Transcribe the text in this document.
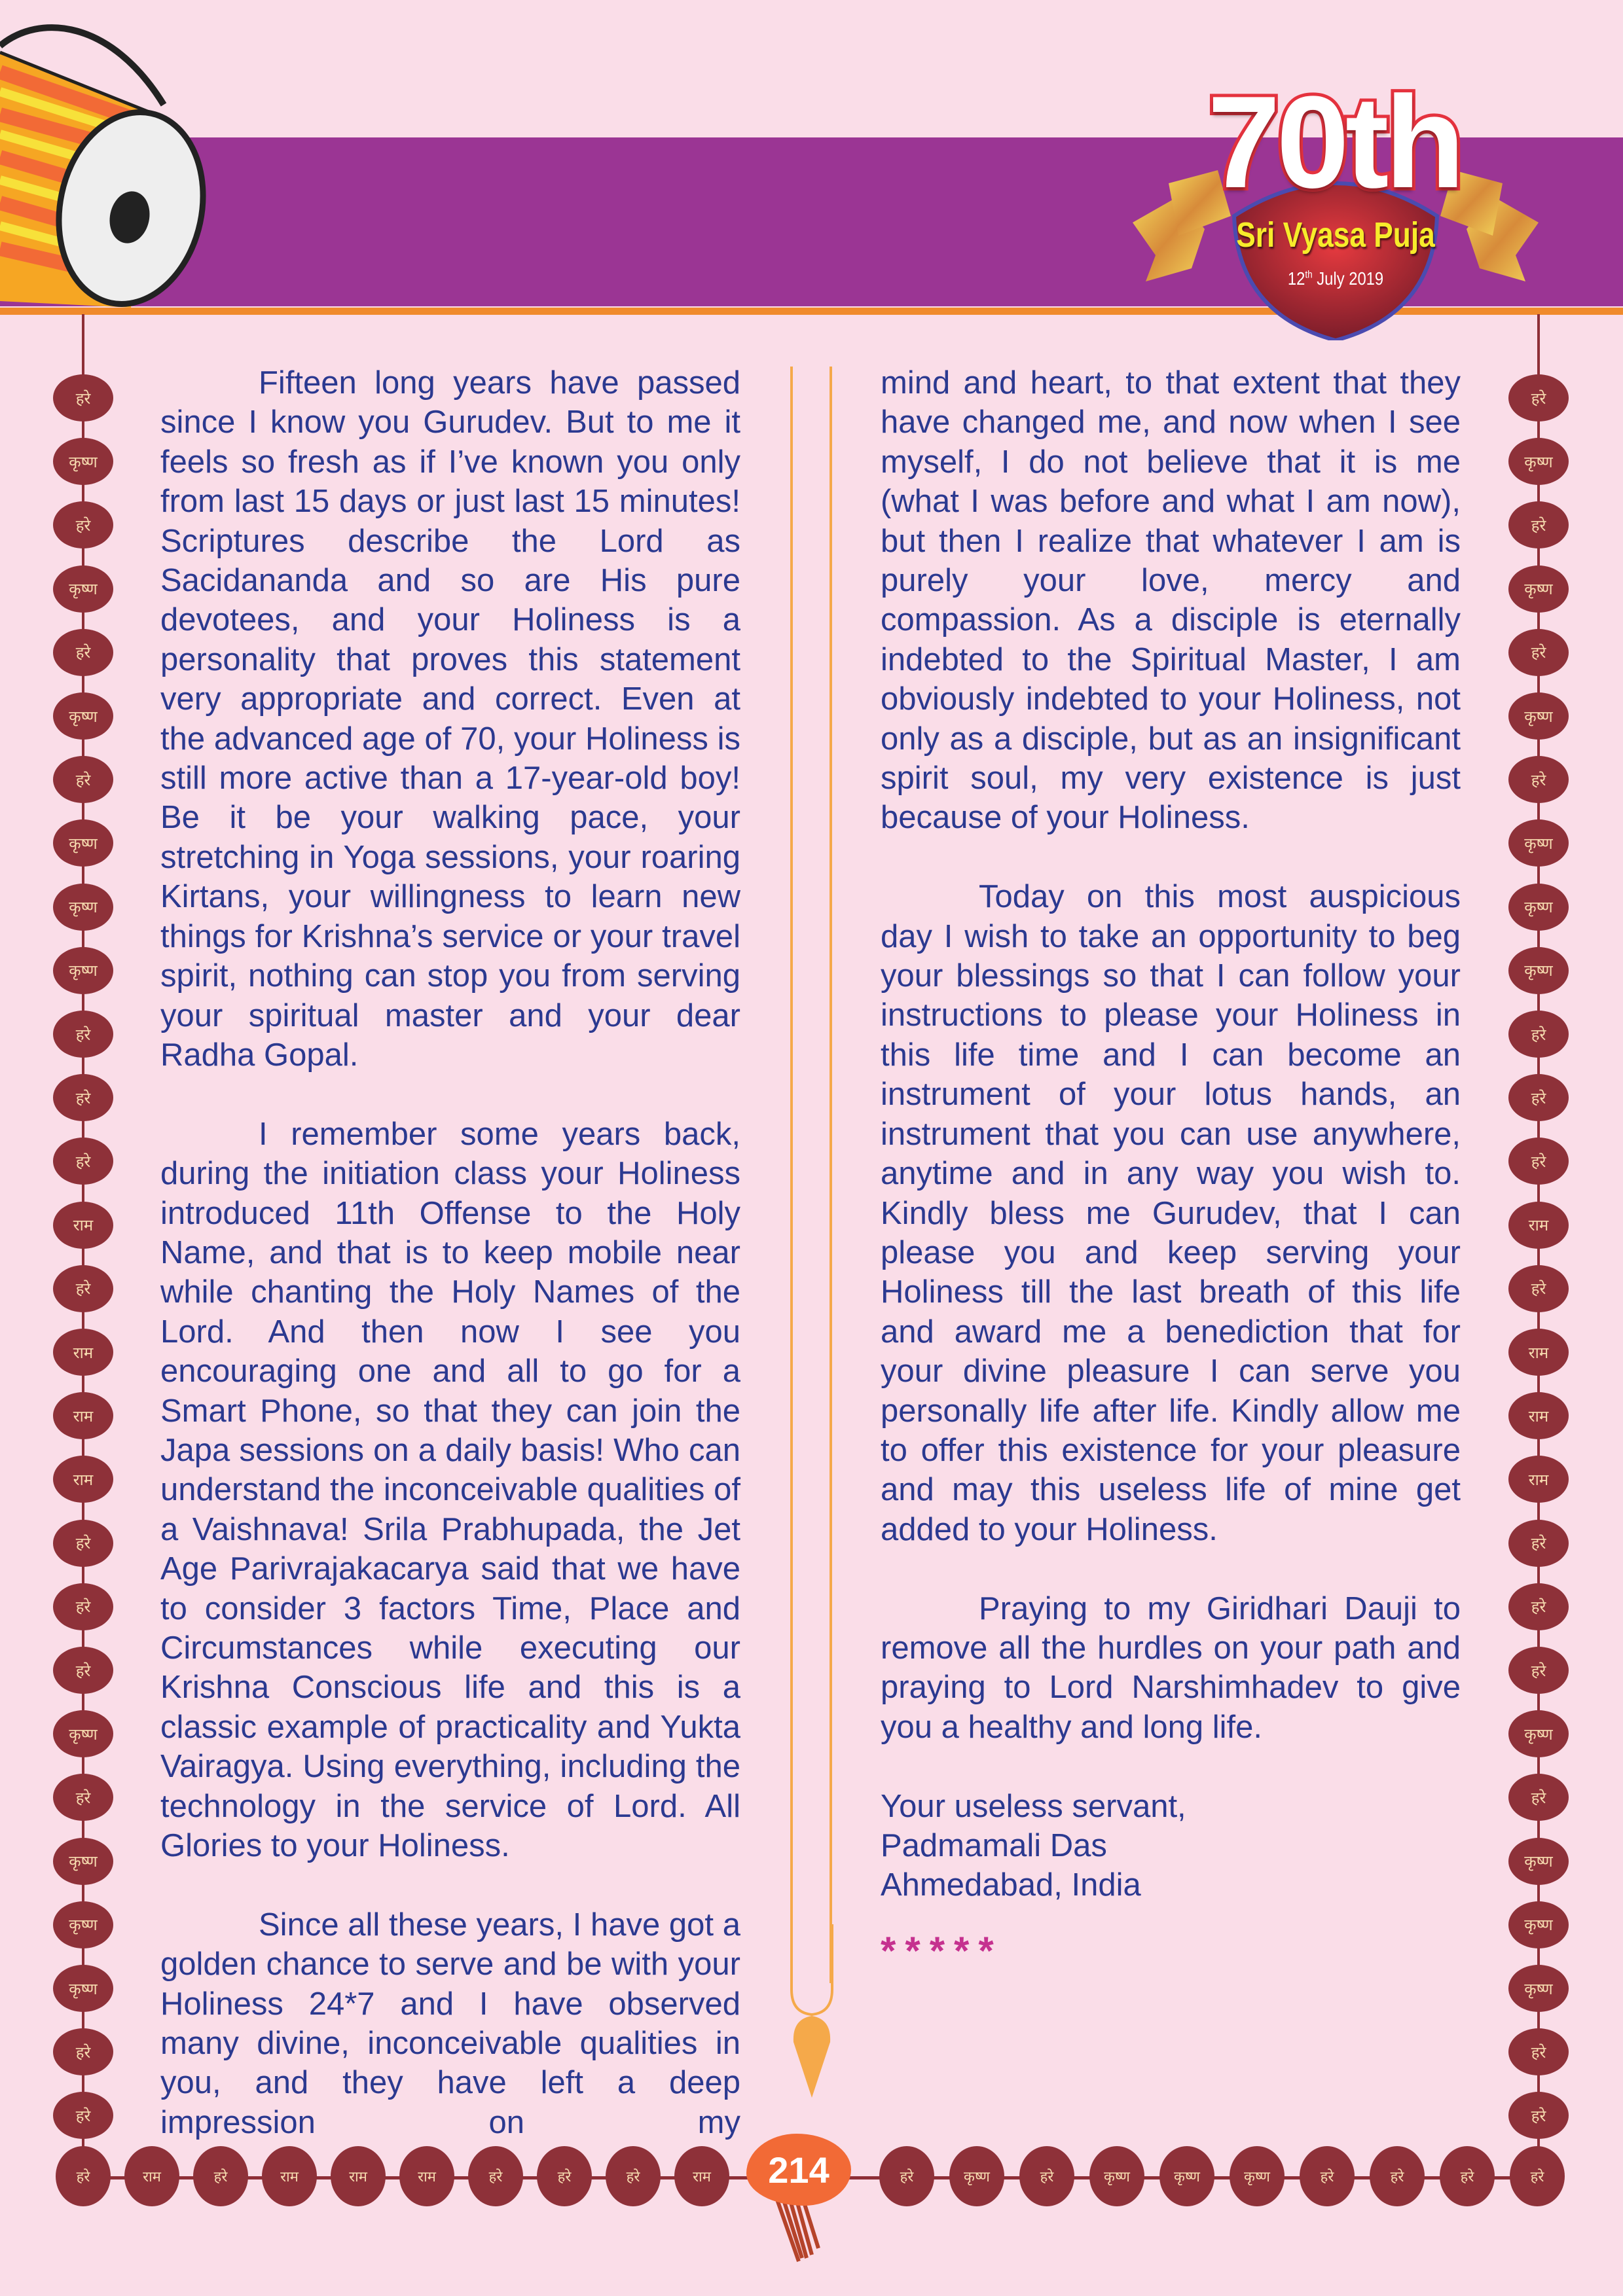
70th
Sri Vyasa Puja
12th July 2019

Fifteen long years have passed since I know you Gurudev. But to me it feels so fresh as if I’ve known you only from last 15 days or just last 15 minutes! Scriptures describe the Lord as Sacidananda and so are His pure devotees, and your Holiness is a personality that proves this statement very appropriate and correct. Even at the advanced age of 70, your Holiness is still more active than a 17-year-old boy! Be it be your walking pace, your stretching in Yoga sessions, your roaring Kirtans, your willingness to learn new things for Krishna’s service or your travel spirit, nothing can stop you from serving your spiritual master and your dear Radha Gopal.

I remember some years back, during the initiation class your Holiness introduced 11th Offense to the Holy Name, and that is to keep mobile near while chanting the Holy Names of the Lord. And then now I see you encouraging one and all to go for a Smart Phone, so that they can join the Japa sessions on a daily basis! Who can understand the inconceivable qualities of a Vaishnava! Srila Prabhupada, the Jet Age Parivrajakacarya said that we have to consider 3 factors Time, Place and Circumstances while executing our Krishna Conscious life and this is a classic example of practicality and Yukta Vairagya. Using everything, including the technology in the service of Lord. All Glories to your Holiness.

Since all these years, I have got a golden chance to serve and be with your Holiness 24*7 and I have observed many divine, inconceivable qualities in you, and they have left a deep impression on my

mind and heart, to that extent that they have changed me, and now when I see myself, I do not believe that it is me (what I was before and what I am now), but then I realize that whatever I am is purely your love, mercy and compassion. As a disciple is eternally indebted to the Spiritual Master, I am obviously indebted to your Holiness, not only as a disciple, but as an insignificant spirit soul, my very existence is just because of your Holiness.

Today on this most auspicious day I wish to take an opportunity to beg your blessings so that I can follow your instructions to please your Holiness in this life time and I can become an instrument of your lotus hands, an instrument that you can use anywhere, anytime and in any way you wish to. Kindly bless me Gurudev, that I can please you and keep serving your Holiness till the last breath of this life and award me a benediction that for your divine pleasure I can serve you personally life after life. Kindly allow me to offer this existence for your pleasure and may this useless life of mine get added to your Holiness.

Praying to my Giridhari Dauji to remove all the hurdles on your path and praying to Lord Narshimhadev to give you a healthy and long life.

Your useless servant,
Padmamali Das
Ahmedabad, India
*****
214
हरे
कृष्ण
हरे
कृष्ण
हरे
कृष्ण
हरे
कृष्ण
कृष्ण
कृष्ण
हरे
हरे
हरे
राम
हरे
राम
राम
राम
हरे
हरे
हरे
कृष्ण
हरे
कृष्ण
कृष्ण
कृष्ण
हरे
हरे
हरे
कृष्ण
हरे
कृष्ण
हरे
कृष्ण
हरे
कृष्ण
कृष्ण
कृष्ण
हरे
हरे
हरे
राम
हरे
राम
राम
राम
हरे
हरे
हरे
कृष्ण
हरे
कृष्ण
कृष्ण
कृष्ण
हरे
हरे
हरे	राम	हरे	राम	राम	राम	हरे	हरे	हरे	राम	हरे	कृष्ण	हरे	कृष्ण	कृष्ण	कृष्ण	हरे	हरे	हरे	हरे
